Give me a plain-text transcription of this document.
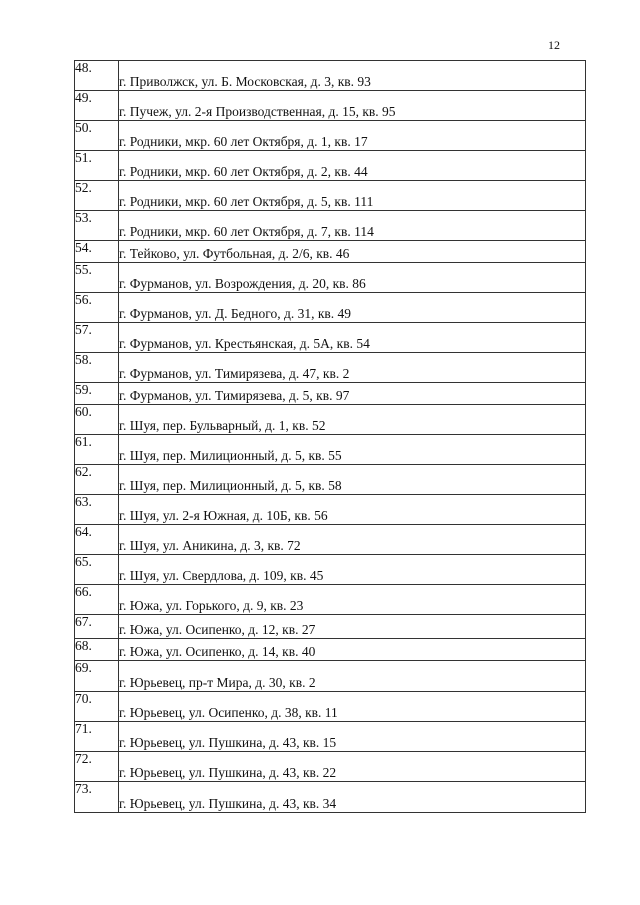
12
48.	г. Приволжск, ул. Б. Московская, д. 3, кв. 93
49.	г. Пучеж, ул. 2-я Производственная, д. 15, кв. 95
50.	г. Родники, мкр. 60 лет Октября, д. 1, кв. 17
51.	г. Родники, мкр. 60 лет Октября, д. 2, кв. 44
52.	г. Родники, мкр. 60 лет Октября, д. 5, кв. 111
53.	г. Родники, мкр. 60 лет Октября, д. 7, кв. 114
54.	г. Тейково, ул. Футбольная, д. 2/6, кв. 46
55.	г. Фурманов, ул. Возрождения, д. 20, кв. 86
56.	г. Фурманов, ул. Д. Бедного, д. 31, кв. 49
57.	г. Фурманов, ул. Крестьянская, д. 5А, кв. 54
58.	г. Фурманов, ул. Тимирязева, д. 47, кв. 2
59.	г. Фурманов, ул. Тимирязева, д. 5, кв. 97
60.	г. Шуя, пер. Бульварный, д. 1, кв. 52
61.	г. Шуя, пер. Милиционный, д. 5, кв. 55
62.	г. Шуя, пер. Милиционный, д. 5, кв. 58
63.	г. Шуя, ул. 2-я Южная, д. 10Б, кв. 56
64.	г. Шуя, ул. Аникина, д. 3, кв. 72
65.	г. Шуя, ул. Свердлова, д. 109, кв. 45
66.	г. Южа, ул. Горького, д. 9, кв. 23
67.	г. Южа, ул. Осипенко, д. 12, кв. 27
68.	г. Южа, ул. Осипенко, д. 14, кв. 40
69.	г. Юрьевец, пр-т Мира, д. 30, кв. 2
70.	г. Юрьевец, ул. Осипенко, д. 38, кв. 11
71.	г. Юрьевец, ул. Пушкина, д. 43, кв. 15
72.	г. Юрьевец, ул. Пушкина, д. 43, кв. 22
73.	г. Юрьевец, ул. Пушкина, д. 43, кв. 34
